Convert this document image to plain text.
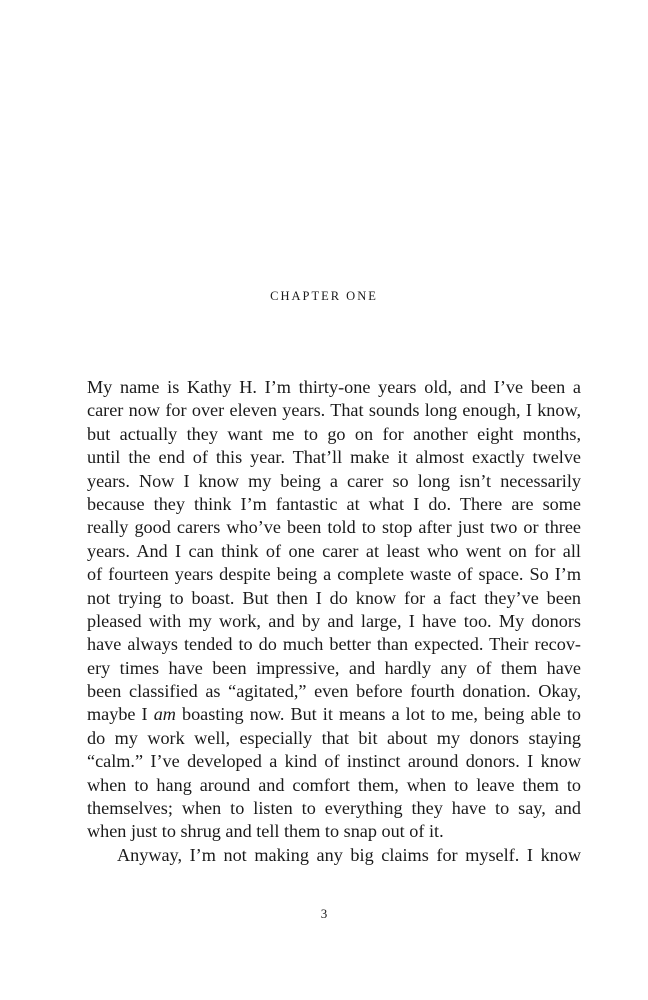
CHAPTER ONE
My name is Kathy H. I’m thirty-one years old, and I’ve been a
carer now for over eleven years. That sounds long enough, I know,
but actually they want me to go on for another eight months,
until the end of this year. That’ll make it almost exactly twelve
years. Now I know my being a carer so long isn’t necessarily
because they think I’m fantastic at what I do. There are some
really good carers who’ve been told to stop after just two or three
years. And I can think of one carer at least who went on for all
of fourteen years despite being a complete waste of space. So I’m
not trying to boast. But then I do know for a fact they’ve been
pleased with my work, and by and large, I have too. My donors
have always tended to do much better than expected. Their recov-
ery times have been impressive, and hardly any of them have
been classified as “agitated,” even before fourth donation. Okay,
maybe I am boasting now. But it means a lot to me, being able to
do my work well, especially that bit about my donors staying
“calm.” I’ve developed a kind of instinct around donors. I know
when to hang around and comfort them, when to leave them to
themselves; when to listen to everything they have to say, and
when just to shrug and tell them to snap out of it.
Anyway, I’m not making any big claims for myself. I know
3
